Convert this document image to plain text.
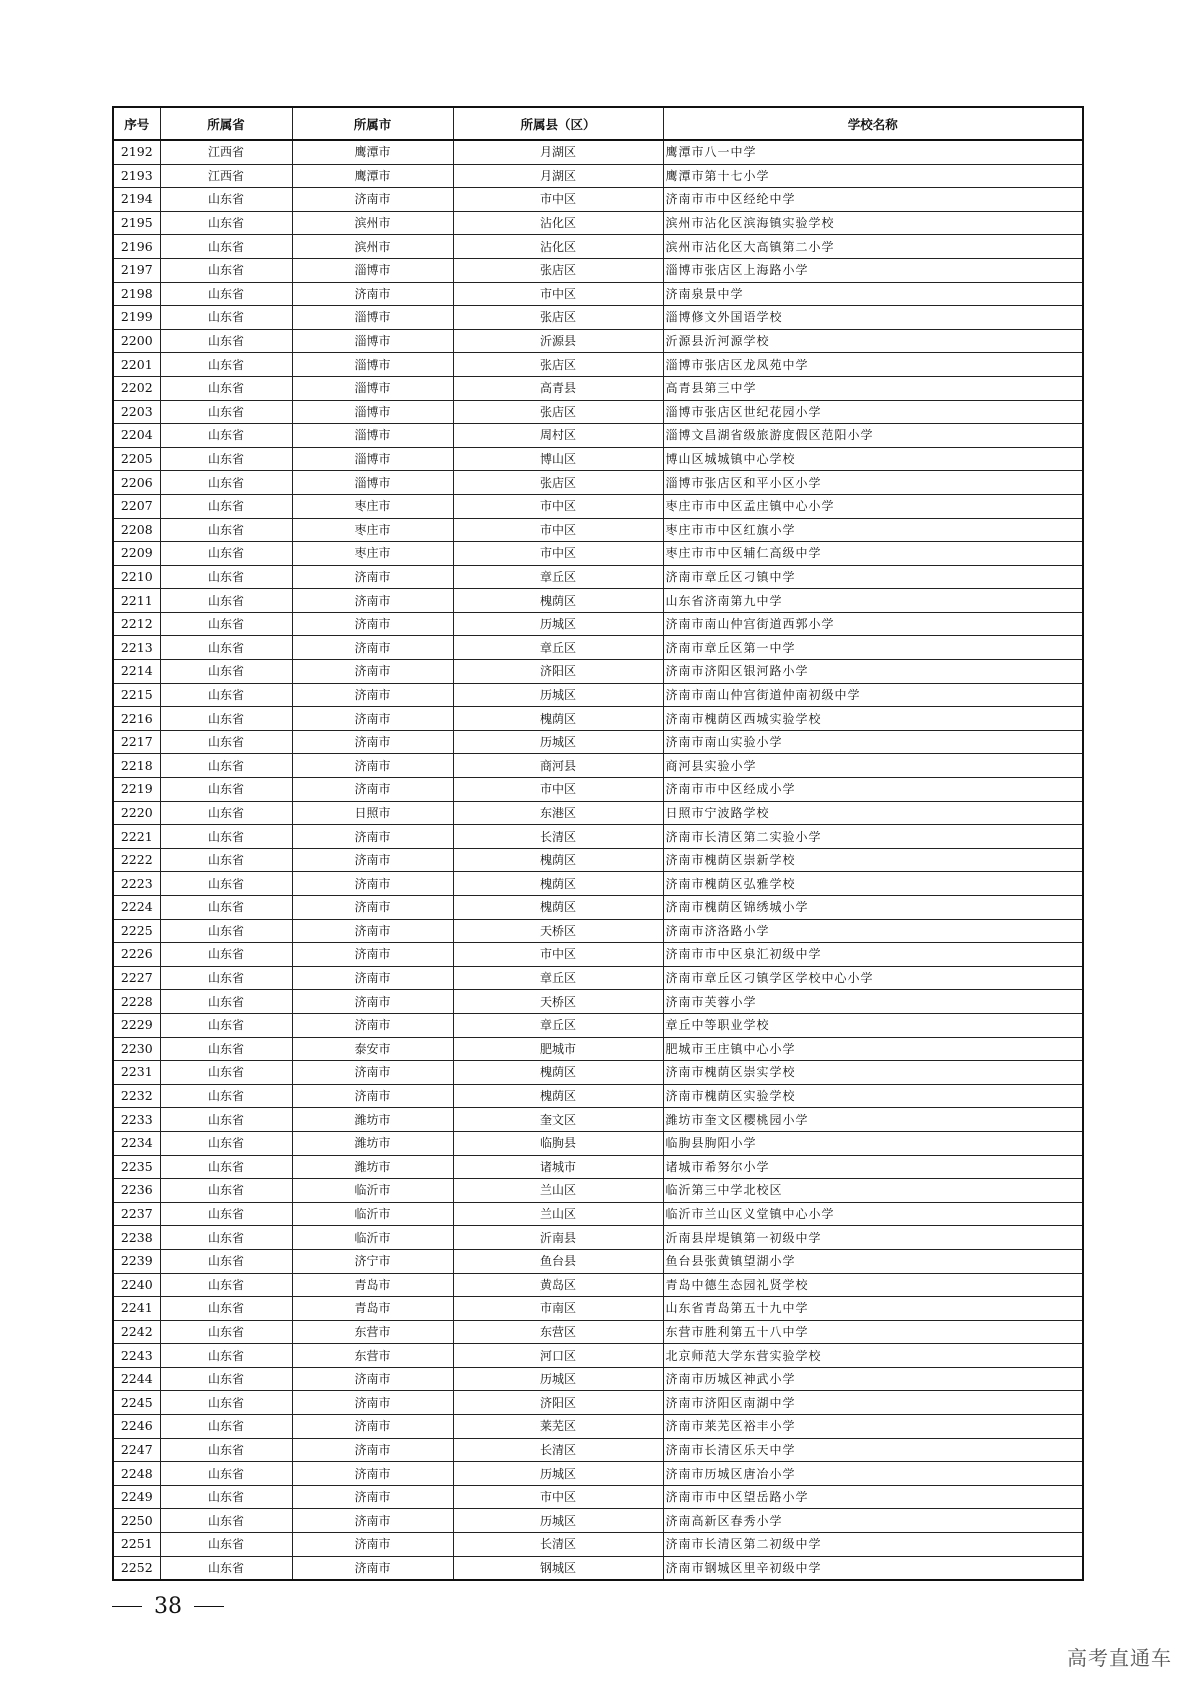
序号	所属省	所属市	所属县（区）	学校名称
2192	江西省	鹰潭市	月湖区	鹰潭市八一中学
2193	江西省	鹰潭市	月湖区	鹰潭市第十七小学
2194	山东省	济南市	市中区	济南市市中区经纶中学
2195	山东省	滨州市	沾化区	滨州市沾化区滨海镇实验学校
2196	山东省	滨州市	沾化区	滨州市沾化区大高镇第二小学
2197	山东省	淄博市	张店区	淄博市张店区上海路小学
2198	山东省	济南市	市中区	济南泉景中学
2199	山东省	淄博市	张店区	淄博修文外国语学校
2200	山东省	淄博市	沂源县	沂源县沂河源学校
2201	山东省	淄博市	张店区	淄博市张店区龙凤苑中学
2202	山东省	淄博市	高青县	高青县第三中学
2203	山东省	淄博市	张店区	淄博市张店区世纪花园小学
2204	山东省	淄博市	周村区	淄博文昌湖省级旅游度假区范阳小学
2205	山东省	淄博市	博山区	博山区城城镇中心学校
2206	山东省	淄博市	张店区	淄博市张店区和平小区小学
2207	山东省	枣庄市	市中区	枣庄市市中区孟庄镇中心小学
2208	山东省	枣庄市	市中区	枣庄市市中区红旗小学
2209	山东省	枣庄市	市中区	枣庄市市中区辅仁高级中学
2210	山东省	济南市	章丘区	济南市章丘区刁镇中学
2211	山东省	济南市	槐荫区	山东省济南第九中学
2212	山东省	济南市	历城区	济南市南山仲宫街道西郭小学
2213	山东省	济南市	章丘区	济南市章丘区第一中学
2214	山东省	济南市	济阳区	济南市济阳区银河路小学
2215	山东省	济南市	历城区	济南市南山仲宫街道仲南初级中学
2216	山东省	济南市	槐荫区	济南市槐荫区西城实验学校
2217	山东省	济南市	历城区	济南市南山实验小学
2218	山东省	济南市	商河县	商河县实验小学
2219	山东省	济南市	市中区	济南市市中区经成小学
2220	山东省	日照市	东港区	日照市宁波路学校
2221	山东省	济南市	长清区	济南市长清区第二实验小学
2222	山东省	济南市	槐荫区	济南市槐荫区崇新学校
2223	山东省	济南市	槐荫区	济南市槐荫区弘雅学校
2224	山东省	济南市	槐荫区	济南市槐荫区锦绣城小学
2225	山东省	济南市	天桥区	济南市济洛路小学
2226	山东省	济南市	市中区	济南市市中区泉汇初级中学
2227	山东省	济南市	章丘区	济南市章丘区刁镇学区学校中心小学
2228	山东省	济南市	天桥区	济南市芙蓉小学
2229	山东省	济南市	章丘区	章丘中等职业学校
2230	山东省	泰安市	肥城市	肥城市王庄镇中心小学
2231	山东省	济南市	槐荫区	济南市槐荫区崇实学校
2232	山东省	济南市	槐荫区	济南市槐荫区实验学校
2233	山东省	潍坊市	奎文区	潍坊市奎文区樱桃园小学
2234	山东省	潍坊市	临朐县	临朐县朐阳小学
2235	山东省	潍坊市	诸城市	诸城市希努尔小学
2236	山东省	临沂市	兰山区	临沂第三中学北校区
2237	山东省	临沂市	兰山区	临沂市兰山区义堂镇中心小学
2238	山东省	临沂市	沂南县	沂南县岸堤镇第一初级中学
2239	山东省	济宁市	鱼台县	鱼台县张黄镇望湖小学
2240	山东省	青岛市	黄岛区	青岛中德生态园礼贤学校
2241	山东省	青岛市	市南区	山东省青岛第五十九中学
2242	山东省	东营市	东营区	东营市胜利第五十八中学
2243	山东省	东营市	河口区	北京师范大学东营实验学校
2244	山东省	济南市	历城区	济南市历城区神武小学
2245	山东省	济南市	济阳区	济南市济阳区南湖中学
2246	山东省	济南市	莱芜区	济南市莱芜区裕丰小学
2247	山东省	济南市	长清区	济南市长清区乐天中学
2248	山东省	济南市	历城区	济南市历城区唐冶小学
2249	山东省	济南市	市中区	济南市市中区望岳路小学
2250	山东省	济南市	历城区	济南高新区春秀小学
2251	山东省	济南市	长清区	济南市长清区第二初级中学
2252	山东省	济南市	钢城区	济南市钢城区里辛初级中学
38
高考直通车
